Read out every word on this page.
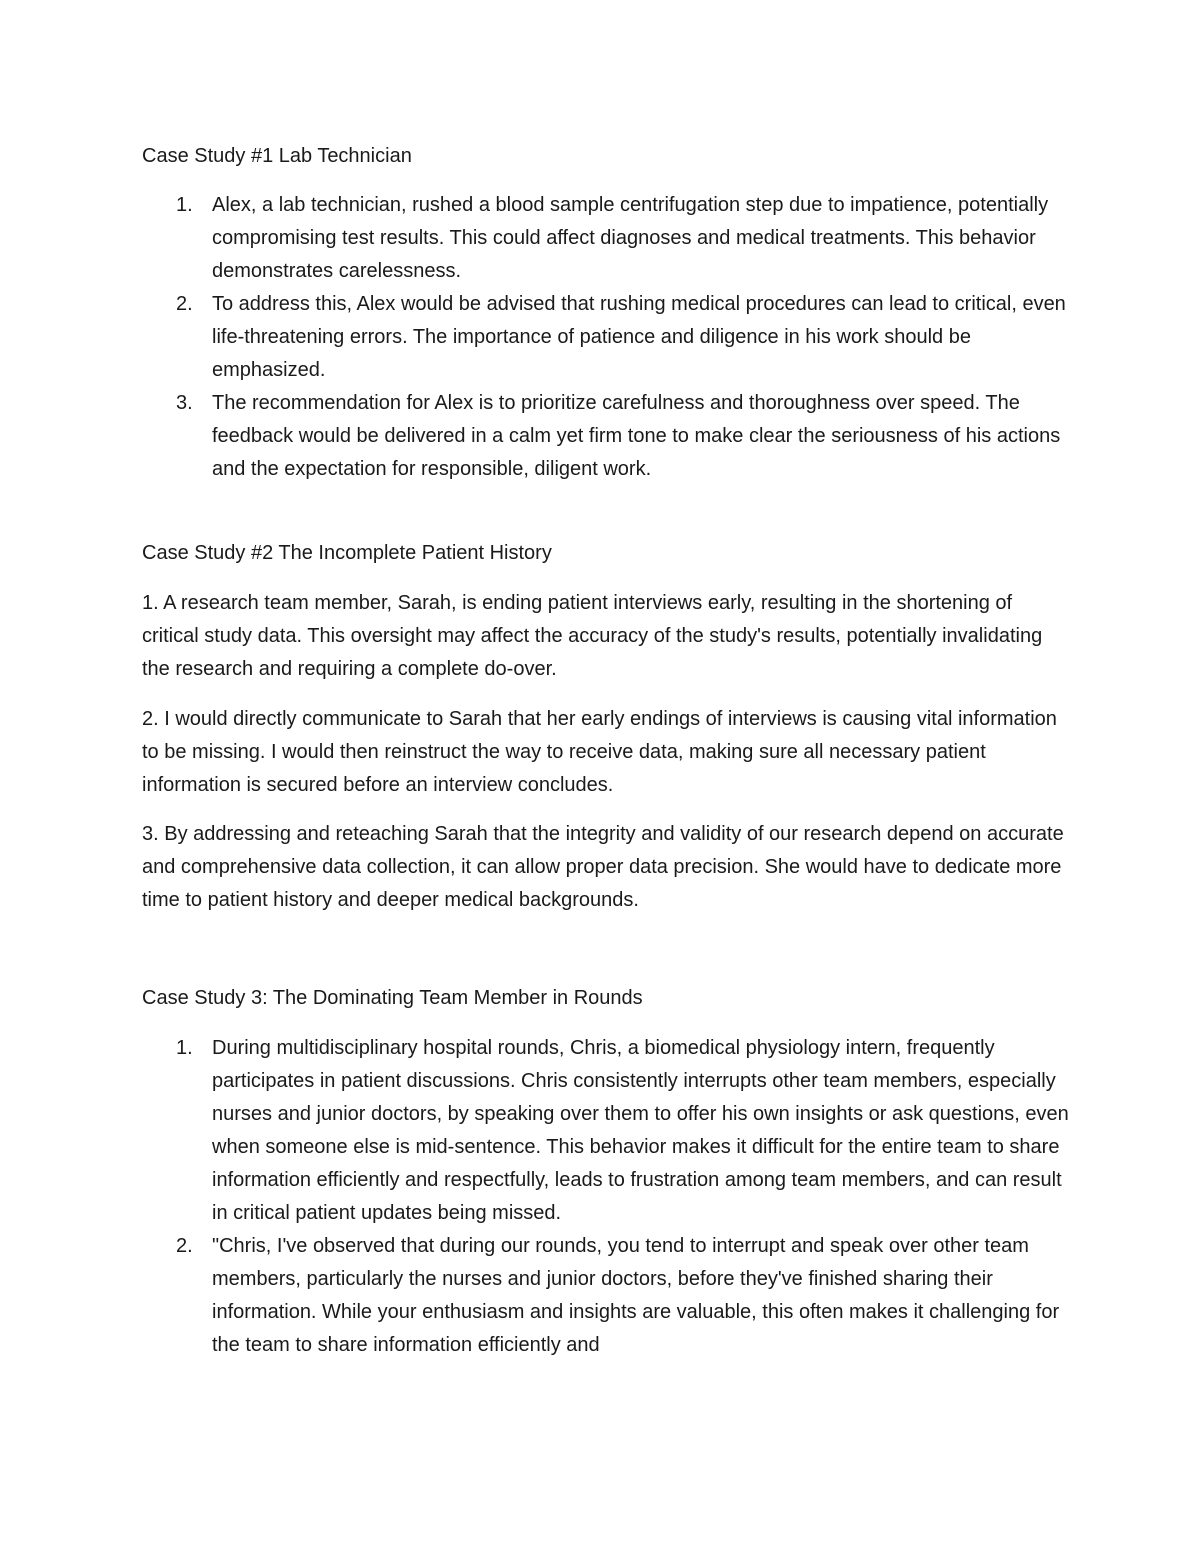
Case Study #1 Lab Technician

1. Alex, a lab technician, rushed a blood sample centrifugation step due to impatience, potentially compromising test results. This could affect diagnoses and medical treatments. This behavior demonstrates carelessness.

2. To address this, Alex would be advised that rushing medical procedures can lead to critical, even life-threatening errors. The importance of patience and diligence in his work should be emphasized.

3. The recommendation for Alex is to prioritize carefulness and thoroughness over speed. The feedback would be delivered in a calm yet firm tone to make clear the seriousness of his actions and the expectation for responsible, diligent work.

Case Study #2 The Incomplete Patient History

1. A research team member, Sarah, is ending patient interviews early, resulting in the shortening of critical study data. This oversight may affect the accuracy of the study's results, potentially invalidating the research and requiring a complete do-over.

2. I would directly communicate to Sarah that her early endings of interviews is causing vital information to be missing. I would then reinstruct the way to receive data, making sure all necessary patient information is secured before an interview concludes.

3. By addressing and reteaching Sarah that the integrity and validity of our research depend on accurate and comprehensive data collection, it can allow proper data precision. She would have to dedicate more time to patient history and deeper medical backgrounds.

Case Study 3: The Dominating Team Member in Rounds

1. During multidisciplinary hospital rounds, Chris, a biomedical physiology intern, frequently participates in patient discussions. Chris consistently interrupts other team members, especially nurses and junior doctors, by speaking over them to offer his own insights or ask questions, even when someone else is mid-sentence. This behavior makes it difficult for the entire team to share information efficiently and respectfully, leads to frustration among team members, and can result in critical patient updates being missed.

2. "Chris, I've observed that during our rounds, you tend to interrupt and speak over other team members, particularly the nurses and junior doctors, before they've finished sharing their information. While your enthusiasm and insights are valuable, this often makes it challenging for the team to share information efficiently and
